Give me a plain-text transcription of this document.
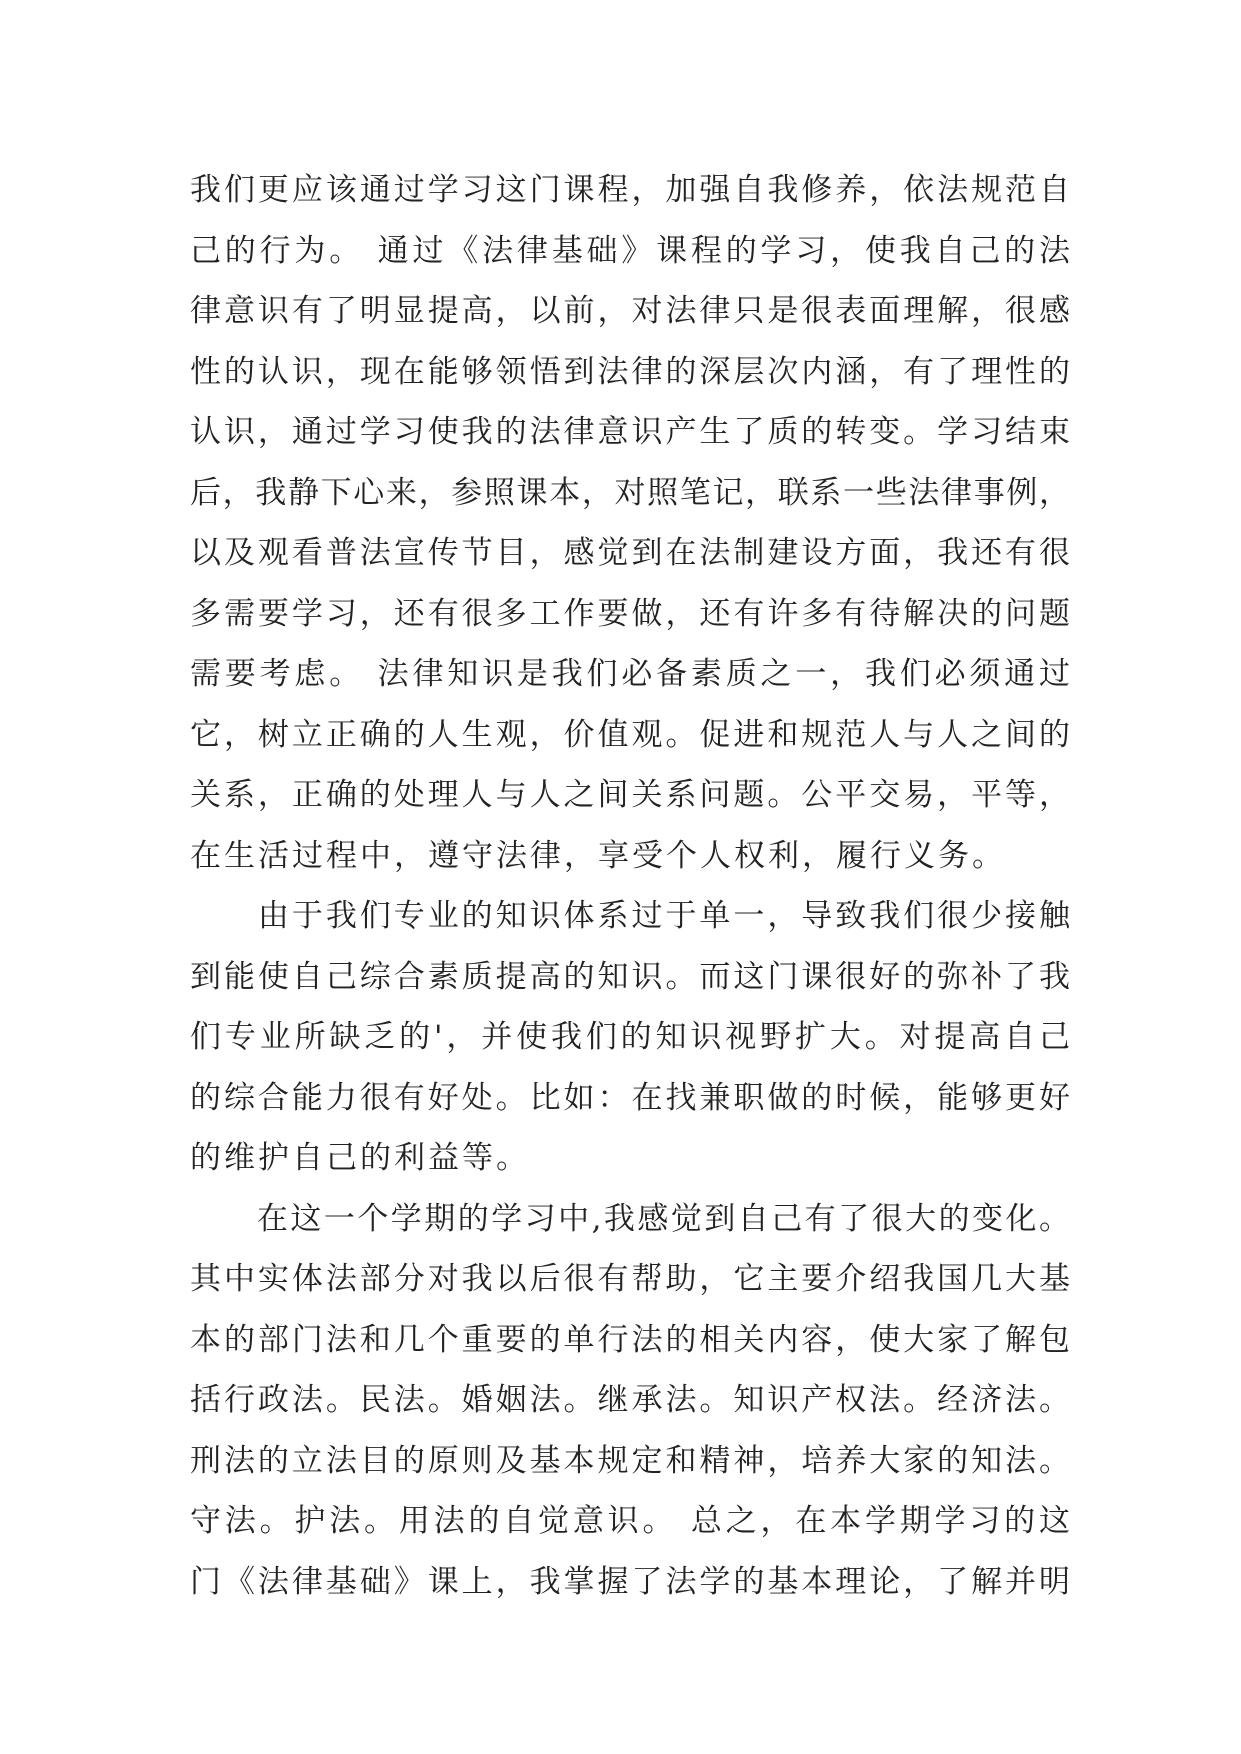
我们更应该通过学习这门课程，加强自我修养，依法规范自
己的行为。 通过《法律基础》课程的学习，使我自己的法
律意识有了明显提高，以前，对法律只是很表面理解，很感
性的认识，现在能够领悟到法律的深层次内涵，有了理性的
认识，通过学习使我的法律意识产生了质的转变。学习结束
后，我静下心来，参照课本，对照笔记，联系一些法律事例，
以及观看普法宣传节目，感觉到在法制建设方面，我还有很
多需要学习，还有很多工作要做，还有许多有待解决的问题
需要考虑。 法律知识是我们必备素质之一，我们必须通过
它，树立正确的人生观，价值观。促进和规范人与人之间的
关系，正确的处理人与人之间关系问题。公平交易，平等，
在生活过程中，遵守法律，享受个人权利，履行义务。
　　由于我们专业的知识体系过于单一，导致我们很少接触
到能使自己综合素质提高的知识。而这门课很好的弥补了我
们专业所缺乏的'，并使我们的知识视野扩大。对提高自己
的综合能力很有好处。比如：在找兼职做的时候，能够更好
的维护自己的利益等。
　　在这一个学期的学习中,我感觉到自己有了很大的变化。
其中实体法部分对我以后很有帮助，它主要介绍我国几大基
本的部门法和几个重要的单行法的相关内容，使大家了解包
括行政法。民法。婚姻法。继承法。知识产权法。经济法。
刑法的立法目的原则及基本规定和精神，培养大家的知法。
守法。护法。用法的自觉意识。 总之，在本学期学习的这
门《法律基础》课上，我掌握了法学的基本理论，了解并明
